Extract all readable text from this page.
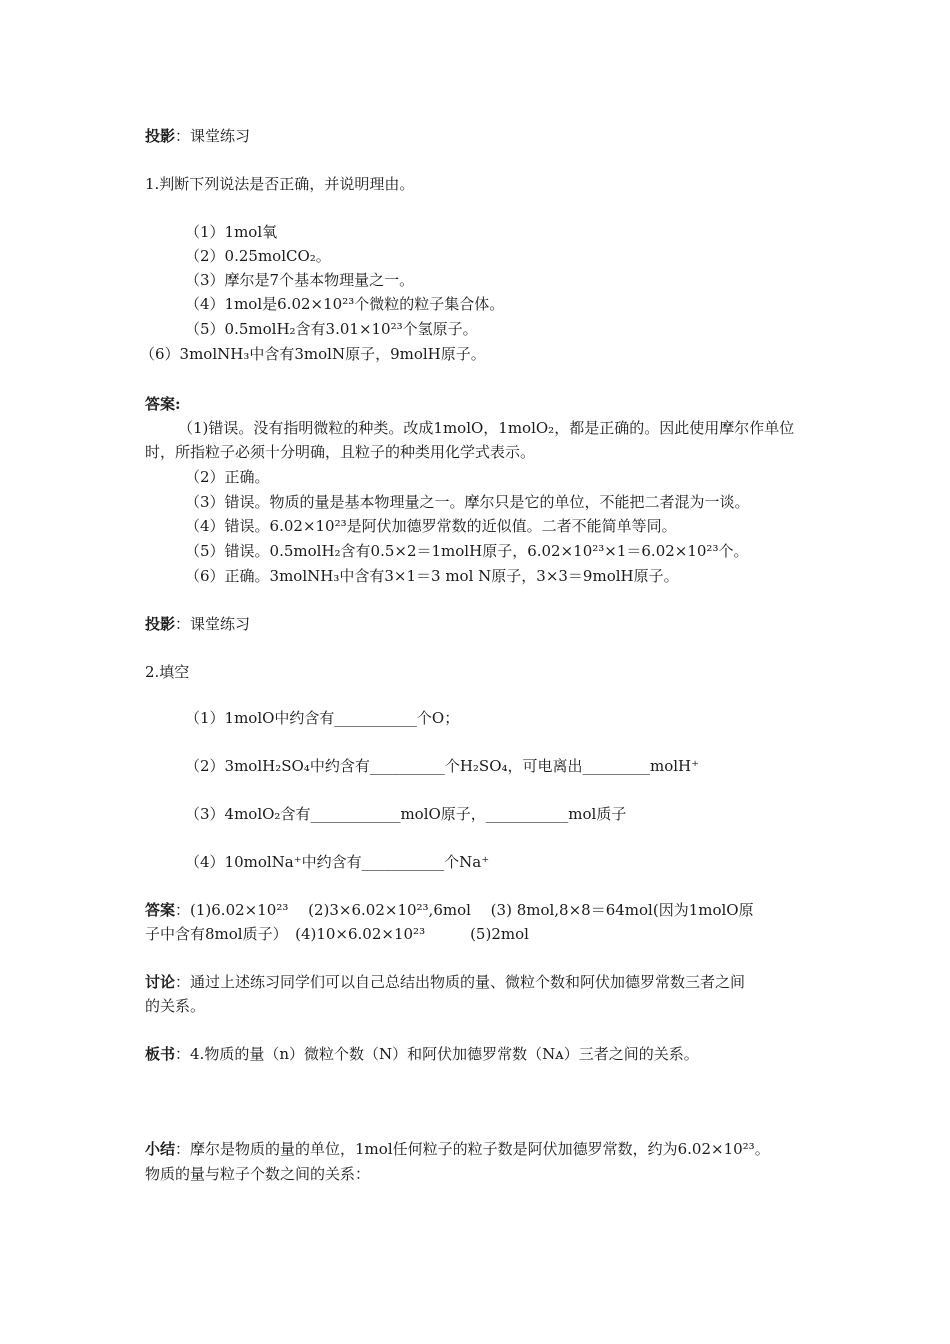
投影：课堂练习
1.判断下列说法是否正确，并说明理由。
（1）1mol氧
（2）0.25molCO₂。
（3）摩尔是7个基本物理量之一。
（4）1mol是6.02×10²³个微粒的粒子集合体。
（5）0.5molH₂含有3.01×10²³个氢原子。
（6）3molNH₃中含有3molN原子，9molH原子。
答案:
（1)错误。没有指明微粒的种类。改成1molO，1molO₂，都是正确的。因此使用摩尔作单位
时，所指粒子必须十分明确，且粒子的种类用化学式表示。
（2）正确。
（3）错误。物质的量是基本物理量之一。摩尔只是它的单位，不能把二者混为一谈。
（4）错误。6.02×10²³是阿伏加德罗常数的近似值。二者不能简单等同。
（5）错误。0.5molH₂含有0.5×2＝1molH原子，6.02×10²³×1＝6.02×10²³个。
（6）正确。3molNH₃中含有3×1＝3 mol N原子，3×3＝9molH原子。
投影：课堂练习
2.填空
（1）1molO中约含有___________个O；
（2）3molH₂SO₄中约含有__________个H₂SO₄，可电离出_________molH⁺
（3）4molO₂含有____________molO原子，___________mol质子
（4）10molNa⁺中约含有___________个Na⁺
答案：(1)6.02×10²³　 (2)3×6.02×10²³,6mol　 (3) 8mol,8×8＝64mol(因为1molO原
子中含有8mol质子）　(4)10×6.02×10²³　　　(5)2mol
讨论：通过上述练习同学们可以自己总结出物质的量、微粒个数和阿伏加德罗常数三者之间
的关系。
板书：4.物质的量（n）微粒个数（N）和阿伏加德罗常数（Nᴀ）三者之间的关系。
小结：摩尔是物质的量的单位，1mol任何粒子的粒子数是阿伏加德罗常数，约为6.02×10²³。
物质的量与粒子个数之间的关系：
